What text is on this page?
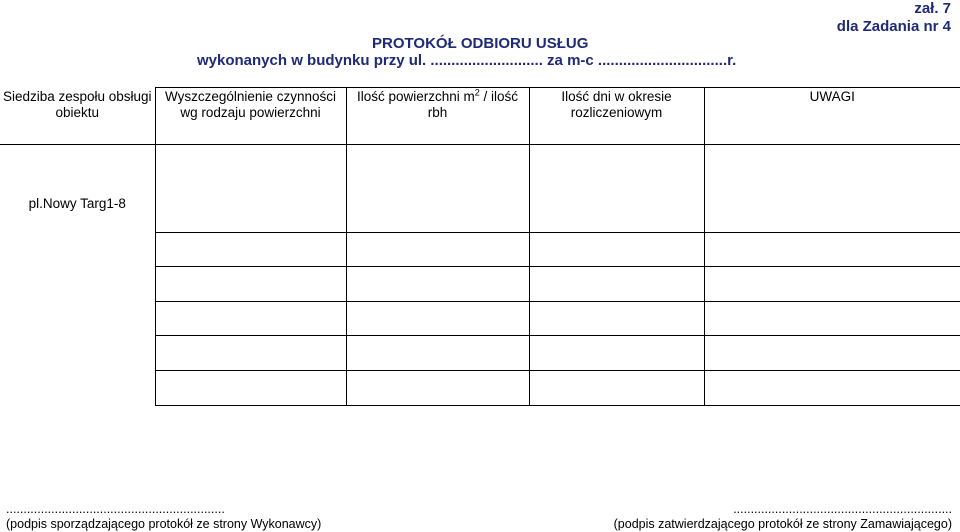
zał. 7
dla Zadania nr 4
PROTOKÓŁ ODBIORU USŁUG
wykonanych w budynku przy ul. ........................... za m-c ...............................r.
Siedziba zespołu obsługi obiektu	Wyszczególnienie czynności wg rodzaju powierzchni	Ilość powierzchni $m^2$ / ilość rbh	Ilość dni w okresie rozliczeniowym	UWAGI

pl.Nowy Targ1-8				

...............................................................
(podpis sporządzającego protokół ze strony Wykonawcy)
...............................................................
(podpis zatwierdzającego protokół ze strony Zamawiającego)
